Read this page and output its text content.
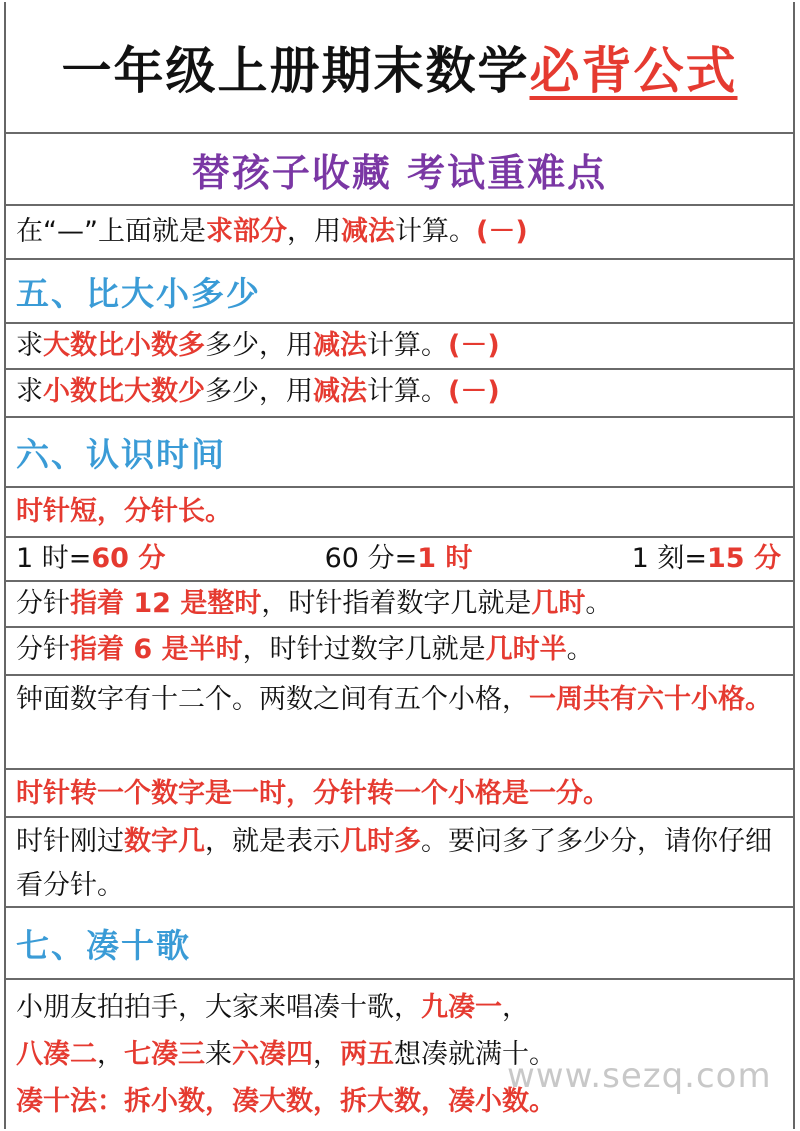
一年级上册期末数学 必背公式
替孩子收藏 考试重难点
在“—”上面就是求部分，用减法计算。(－)
五、比大小多少
求大数比小数多多少，用减法计算。(－)
求小数比大数少多少，用减法计算。(－)
六、认识时间
时针短，分针长。
1 时=60 分	60 分=1 时	1 刻=15 分
分针指着 12 是整时，时针指着数字几就是几时。
分针指着 6 是半时，时针过数字几就是几时半。
钟面数字有十二个。两数之间有五个小格，一周共有六十小格。
时针转一个数字是一时，分针转一个小格是一分。
时针刚过数字几，就是表示几时多。要问多了多少分，请你仔细看分针。
七、凑十歌
小朋友拍拍手，大家来唱凑十歌，九凑一，
八凑二，七凑三来六凑四，两五想凑就满十。
凑十法：拆小数，凑大数，拆大数，凑小数。
www.sezq.com
